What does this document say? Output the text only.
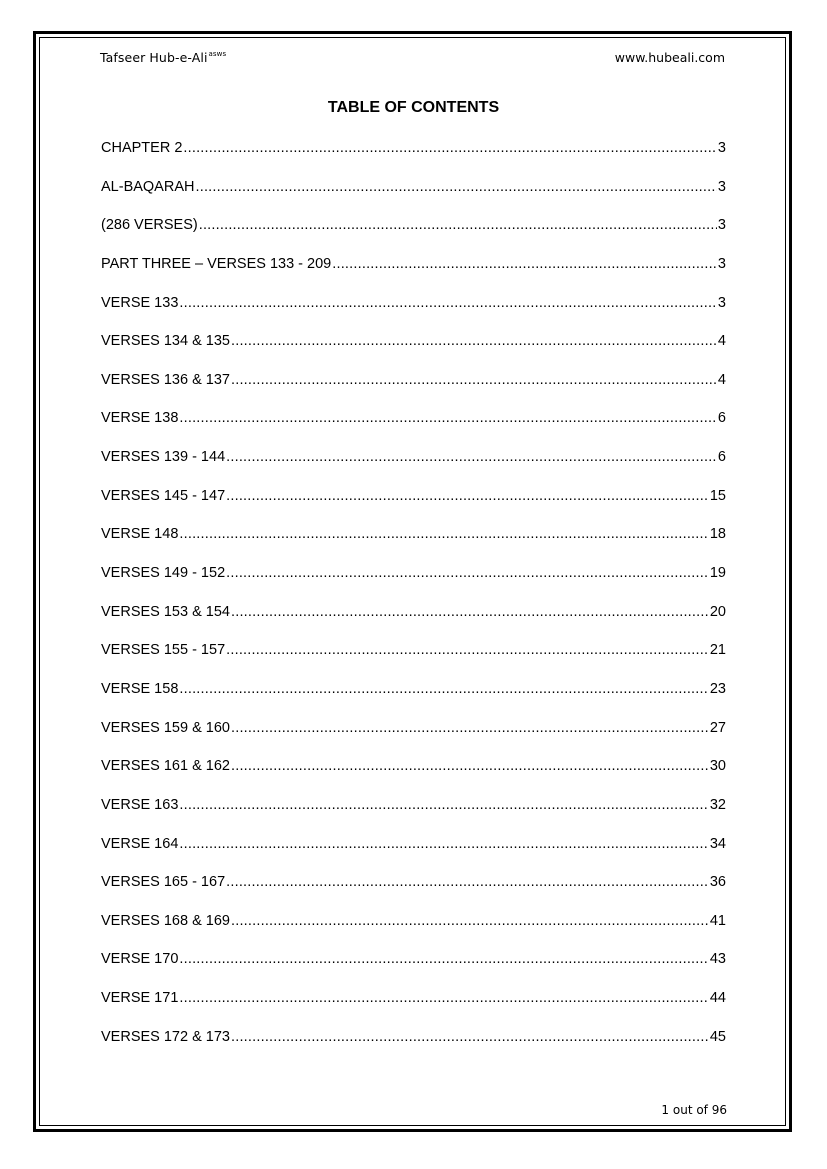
Tafseer Hub-e-Ali$^{asws}$	www.hubeali.com
TABLE OF CONTENTS
CHAPTER 2 .....	3
AL-BAQARAH .....	3
(286 VERSES) .....	3
PART THREE – VERSES 133 - 209 .....	3
VERSE 133 .....	3
VERSES 134 & 135 .....	4
VERSES 136 & 137 .....	4
VERSE 138 .....	6
VERSES 139 - 144 .....	6
VERSES 145 - 147 .....	15
VERSE 148 .....	18
VERSES 149 - 152 .....	19
VERSES 153 & 154 .....	20
VERSES 155 - 157 .....	21
VERSE 158 .....	23
VERSES 159 & 160 .....	27
VERSES 161 & 162 .....	30
VERSE 163 .....	32
VERSE 164 .....	34
VERSES 165 - 167 .....	36
VERSES 168 & 169 .....	41
VERSE 170 .....	43
VERSE 171 .....	44
VERSES 172 & 173 .....	45
1 out of 96
